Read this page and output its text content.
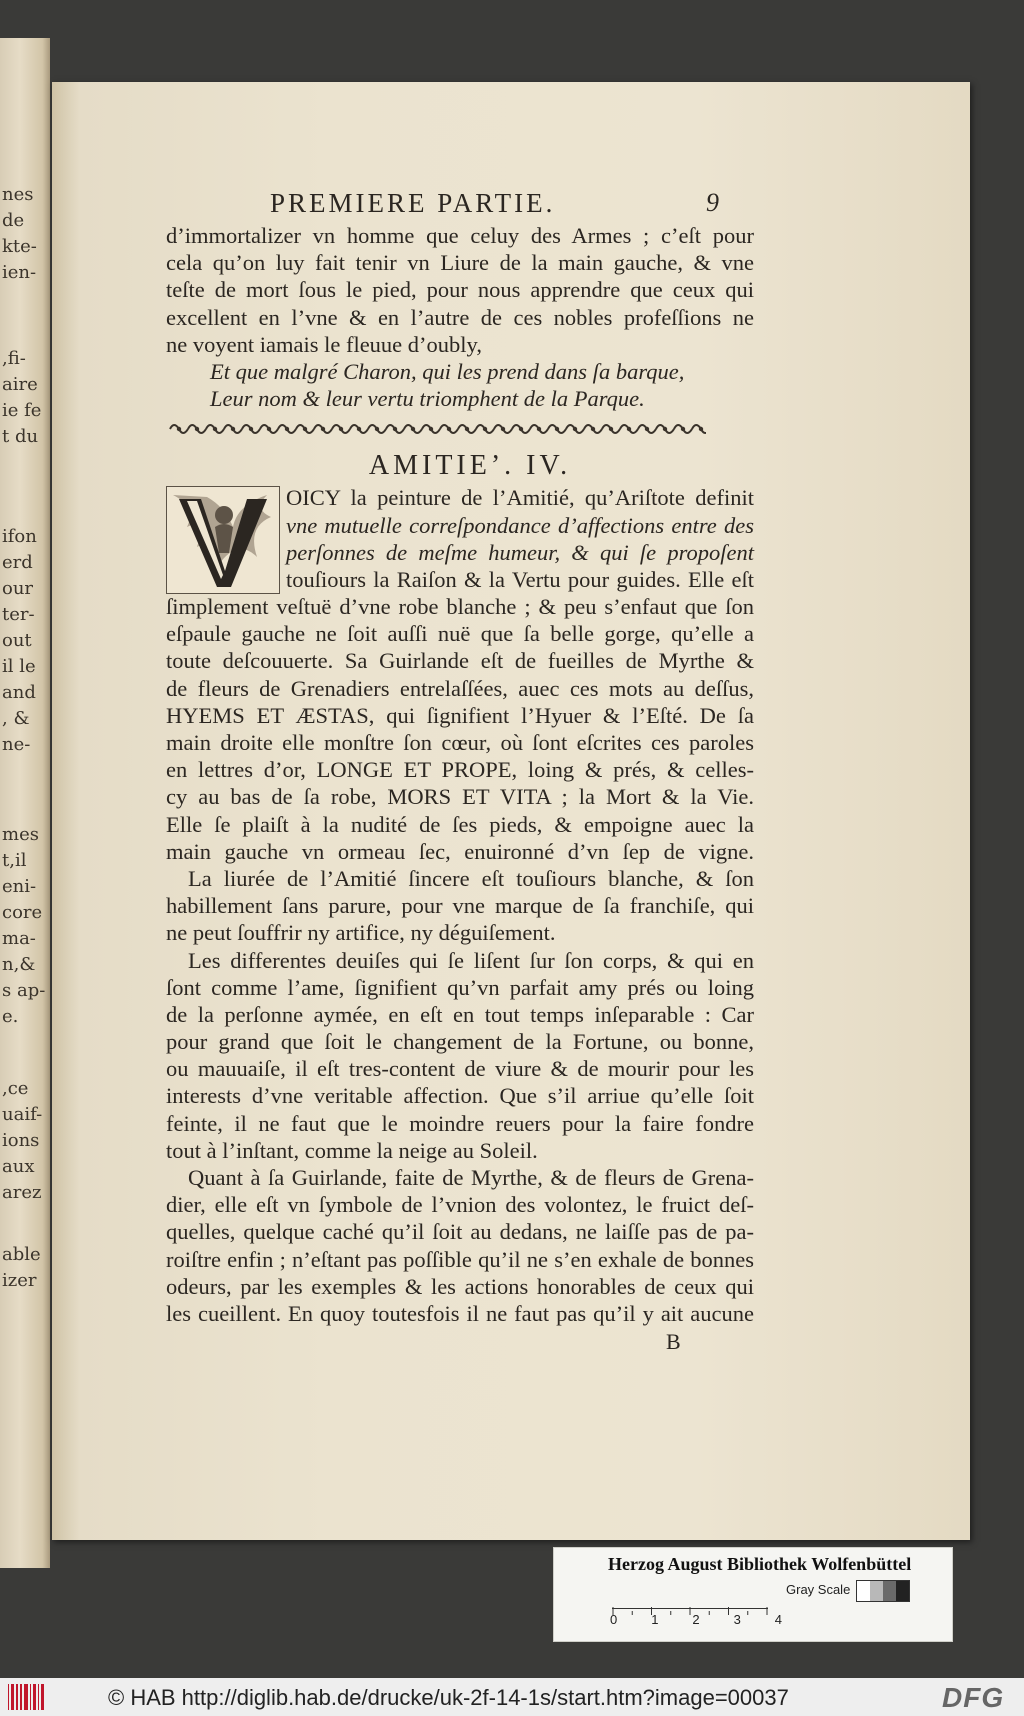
nes
de
kte-
ien-
,fi-
aire
ie fe
t du
ifon
erd
our
ter-
out
il le
and
, &
ne-
mes
t,il
eni-
core
ma-
n,&
s ap-
e.
,ce
uaif-
ions
aux
arez
able
izer
PREMIERE PARTIE.	9
d’immortalizer vn homme que celuy des Armes ; c’eſt pour
cela qu’on luy fait tenir vn Liure de la main gauche, & vne
teſte de mort ſous le pied, pour nous apprendre que ceux qui
excellent en l’vne & en l’autre de ces nobles profeſſions ne
ne voyent iamais le fleuue d’oubly,
Et que malgré Charon, qui les prend dans ſa barque,
Leur nom & leur vertu triomphent de la Parque.
AMITIE’. IV.
OICY la peinture de l’Amitié, qu’Ariſtote definit
vne mutuelle correſpondance d’affections entre des
perſonnes de meſme humeur, & qui ſe propoſent
touſiours la Raiſon & la Vertu pour guides. Elle eſt
ſimplement veſtuë d’vne robe blanche ; & peu s’enfaut que ſon
eſpaule gauche ne ſoit auſſi nuë que ſa belle gorge, qu’elle a
toute deſcouuerte. Sa Guirlande eſt de fueilles de Myrthe &
de fleurs de Grenadiers entrelaſſées, auec ces mots au deſſus,
HYEMS ET ÆSTAS, qui ſignifient l’Hyuer & l’Eſté. De ſa
main droite elle monſtre ſon cœur, où ſont eſcrites ces paroles
en lettres d’or, LONGE ET PROPE, loing & prés, & celles-
cy au bas de ſa robe, MORS ET VITA ; la Mort & la Vie.
Elle ſe plaiſt à la nudité de ſes pieds, & empoigne auec la
main gauche vn ormeau ſec, enuironné d’vn ſep de vigne.
La liurée de l’Amitié ſincere eſt touſiours blanche, & ſon
habillement ſans parure, pour vne marque de ſa franchiſe, qui
ne peut ſouffrir ny artifice, ny déguiſement.
Les differentes deuiſes qui ſe liſent ſur ſon corps, & qui en
ſont comme l’ame, ſignifient qu’vn parfait amy prés ou loing
de la perſonne aymée, en eſt en tout temps inſeparable : Car
pour grand que ſoit le changement de la Fortune, ou bonne,
ou mauuaiſe, il eſt tres-content de viure & de mourir pour les
interests d’vne veritable affection. Que s’il arriue qu’elle ſoit
feinte, il ne faut que le moindre reuers pour la faire fondre
tout à l’inſtant, comme la neige au Soleil.
Quant à ſa Guirlande, faite de Myrthe, & de fleurs de Grena-
dier, elle eſt vn ſymbole de l’vnion des volontez, le fruict deſ-
quelles, quelque caché qu’il ſoit au dedans, ne laiſſe pas de pa-
roiſtre enfin ; n’eſtant pas poſſible qu’il ne s’en exhale de bonnes
odeurs, par les exemples & les actions honorables de ceux qui
les cueillent. En quoy toutesfois il ne faut pas qu’il y ait aucune
B
Herzog August Bibliothek Wolfenbüttel
Gray Scale
0	1	2	3	4
© HAB http://diglib.hab.de/drucke/uk-2f-14-1s/start.htm?image=00037	DFG
